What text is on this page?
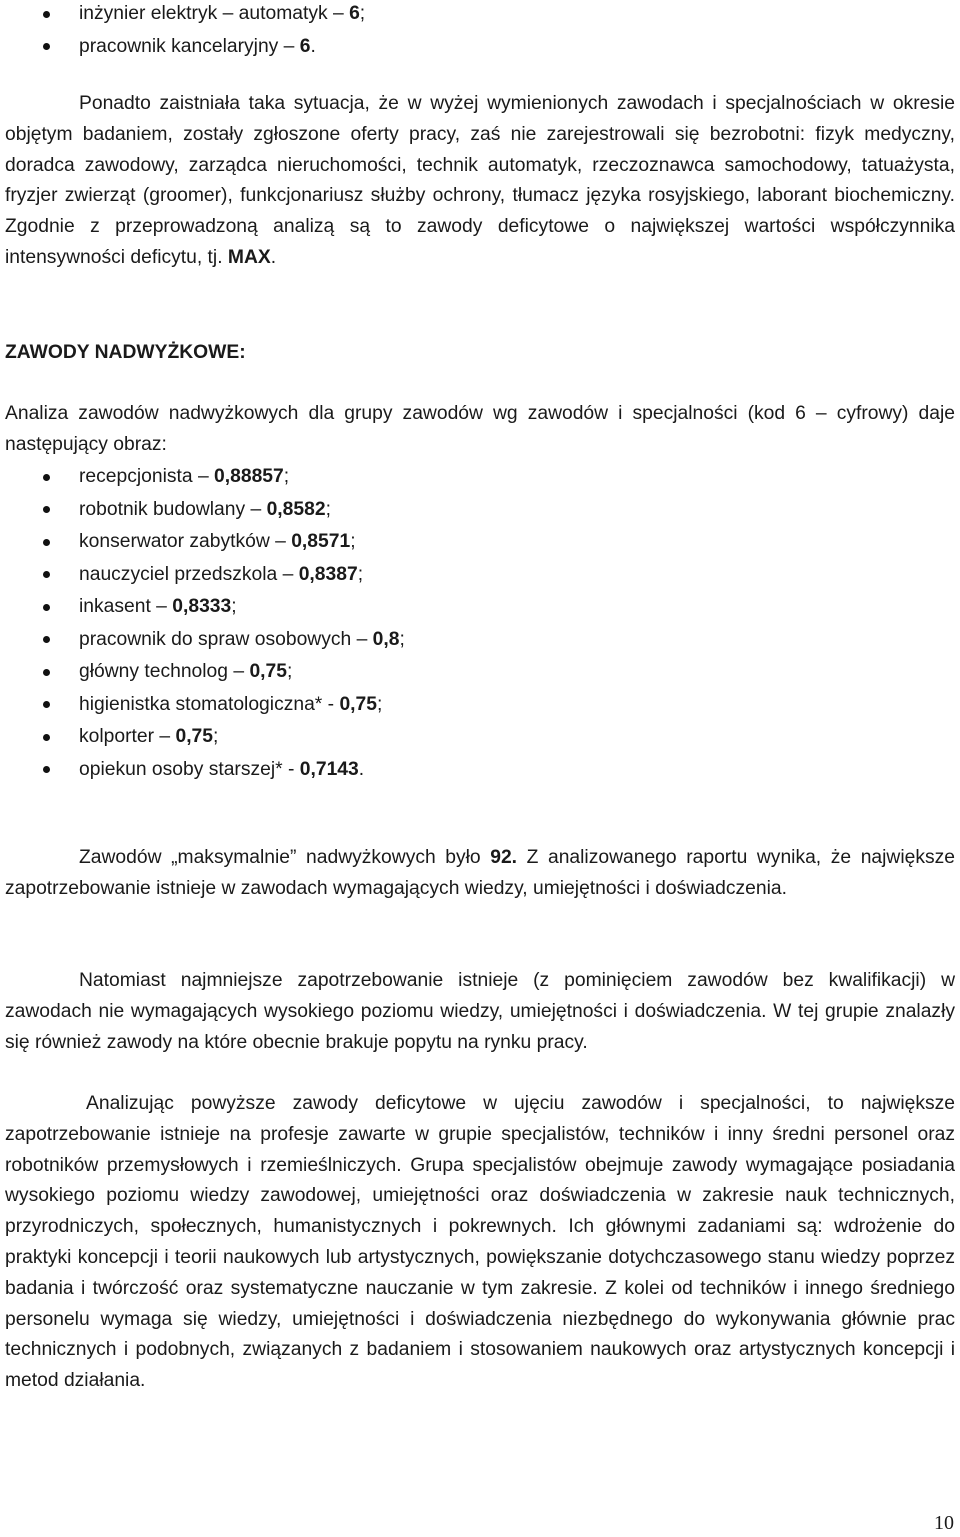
inżynier elektryk – automatyk – 6;
pracownik kancelaryjny – 6.

Ponadto zaistniała taka sytuacja, że w wyżej wymienionych zawodach i specjalnościach w okresie objętym badaniem, zostały zgłoszone oferty pracy, zaś nie zarejestrowali się bezrobotni: fizyk medyczny, doradca zawodowy, zarządca nieruchomości, technik automatyk, rzeczoznawca samochodowy, tatuażysta, fryzjer zwierząt (groomer), funkcjonariusz służby ochrony, tłumacz języka rosyjskiego, laborant biochemiczny. Zgodnie z przeprowadzoną analizą są to zawody deficytowe o największej wartości współczynnika intensywności deficytu, tj. MAX.

ZAWODY NADWYŻKOWE:

Analiza zawodów nadwyżkowych dla grupy zawodów wg zawodów i specjalności (kod 6 – cyfrowy) daje następujący obraz:

recepcjonista – 0,88857;
robotnik budowlany – 0,8582;
konserwator zabytków – 0,8571;
nauczyciel przedszkola – 0,8387;
inkasent – 0,8333;
pracownik do spraw osobowych – 0,8;
główny technolog – 0,75;
higienistka stomatologiczna* - 0,75;
kolporter – 0,75;
opiekun osoby starszej* - 0,7143.

Zawodów „maksymalnie” nadwyżkowych było 92. Z analizowanego raportu wynika, że największe zapotrzebowanie istnieje w zawodach wymagających wiedzy, umiejętności i doświadczenia.

Natomiast najmniejsze zapotrzebowanie istnieje (z pominięciem zawodów bez kwalifikacji) w zawodach nie wymagających wysokiego poziomu wiedzy, umiejętności i doświadczenia. W tej grupie znalazły się również zawody na które obecnie brakuje popytu na rynku pracy.

Analizując powyższe zawody deficytowe w ujęciu zawodów i specjalności, to największe zapotrzebowanie istnieje na profesje zawarte w grupie specjalistów, techników i inny średni personel oraz robotników przemysłowych i rzemieślniczych. Grupa specjalistów obejmuje zawody wymagające posiadania wysokiego poziomu wiedzy zawodowej, umiejętności oraz doświadczenia w zakresie nauk technicznych, przyrodniczych, społecznych, humanistycznych i pokrewnych. Ich głównymi zadaniami są: wdrożenie do praktyki koncepcji i teorii naukowych lub artystycznych, powiększanie dotychczasowego stanu wiedzy poprzez badania i twórczość oraz systematyczne nauczanie w tym zakresie. Z kolei od techników i innego średniego personelu wymaga się wiedzy, umiejętności i doświadczenia niezbędnego do wykonywania głównie prac technicznych i podobnych, związanych z badaniem i stosowaniem naukowych oraz artystycznych koncepcji i metod działania.

10
